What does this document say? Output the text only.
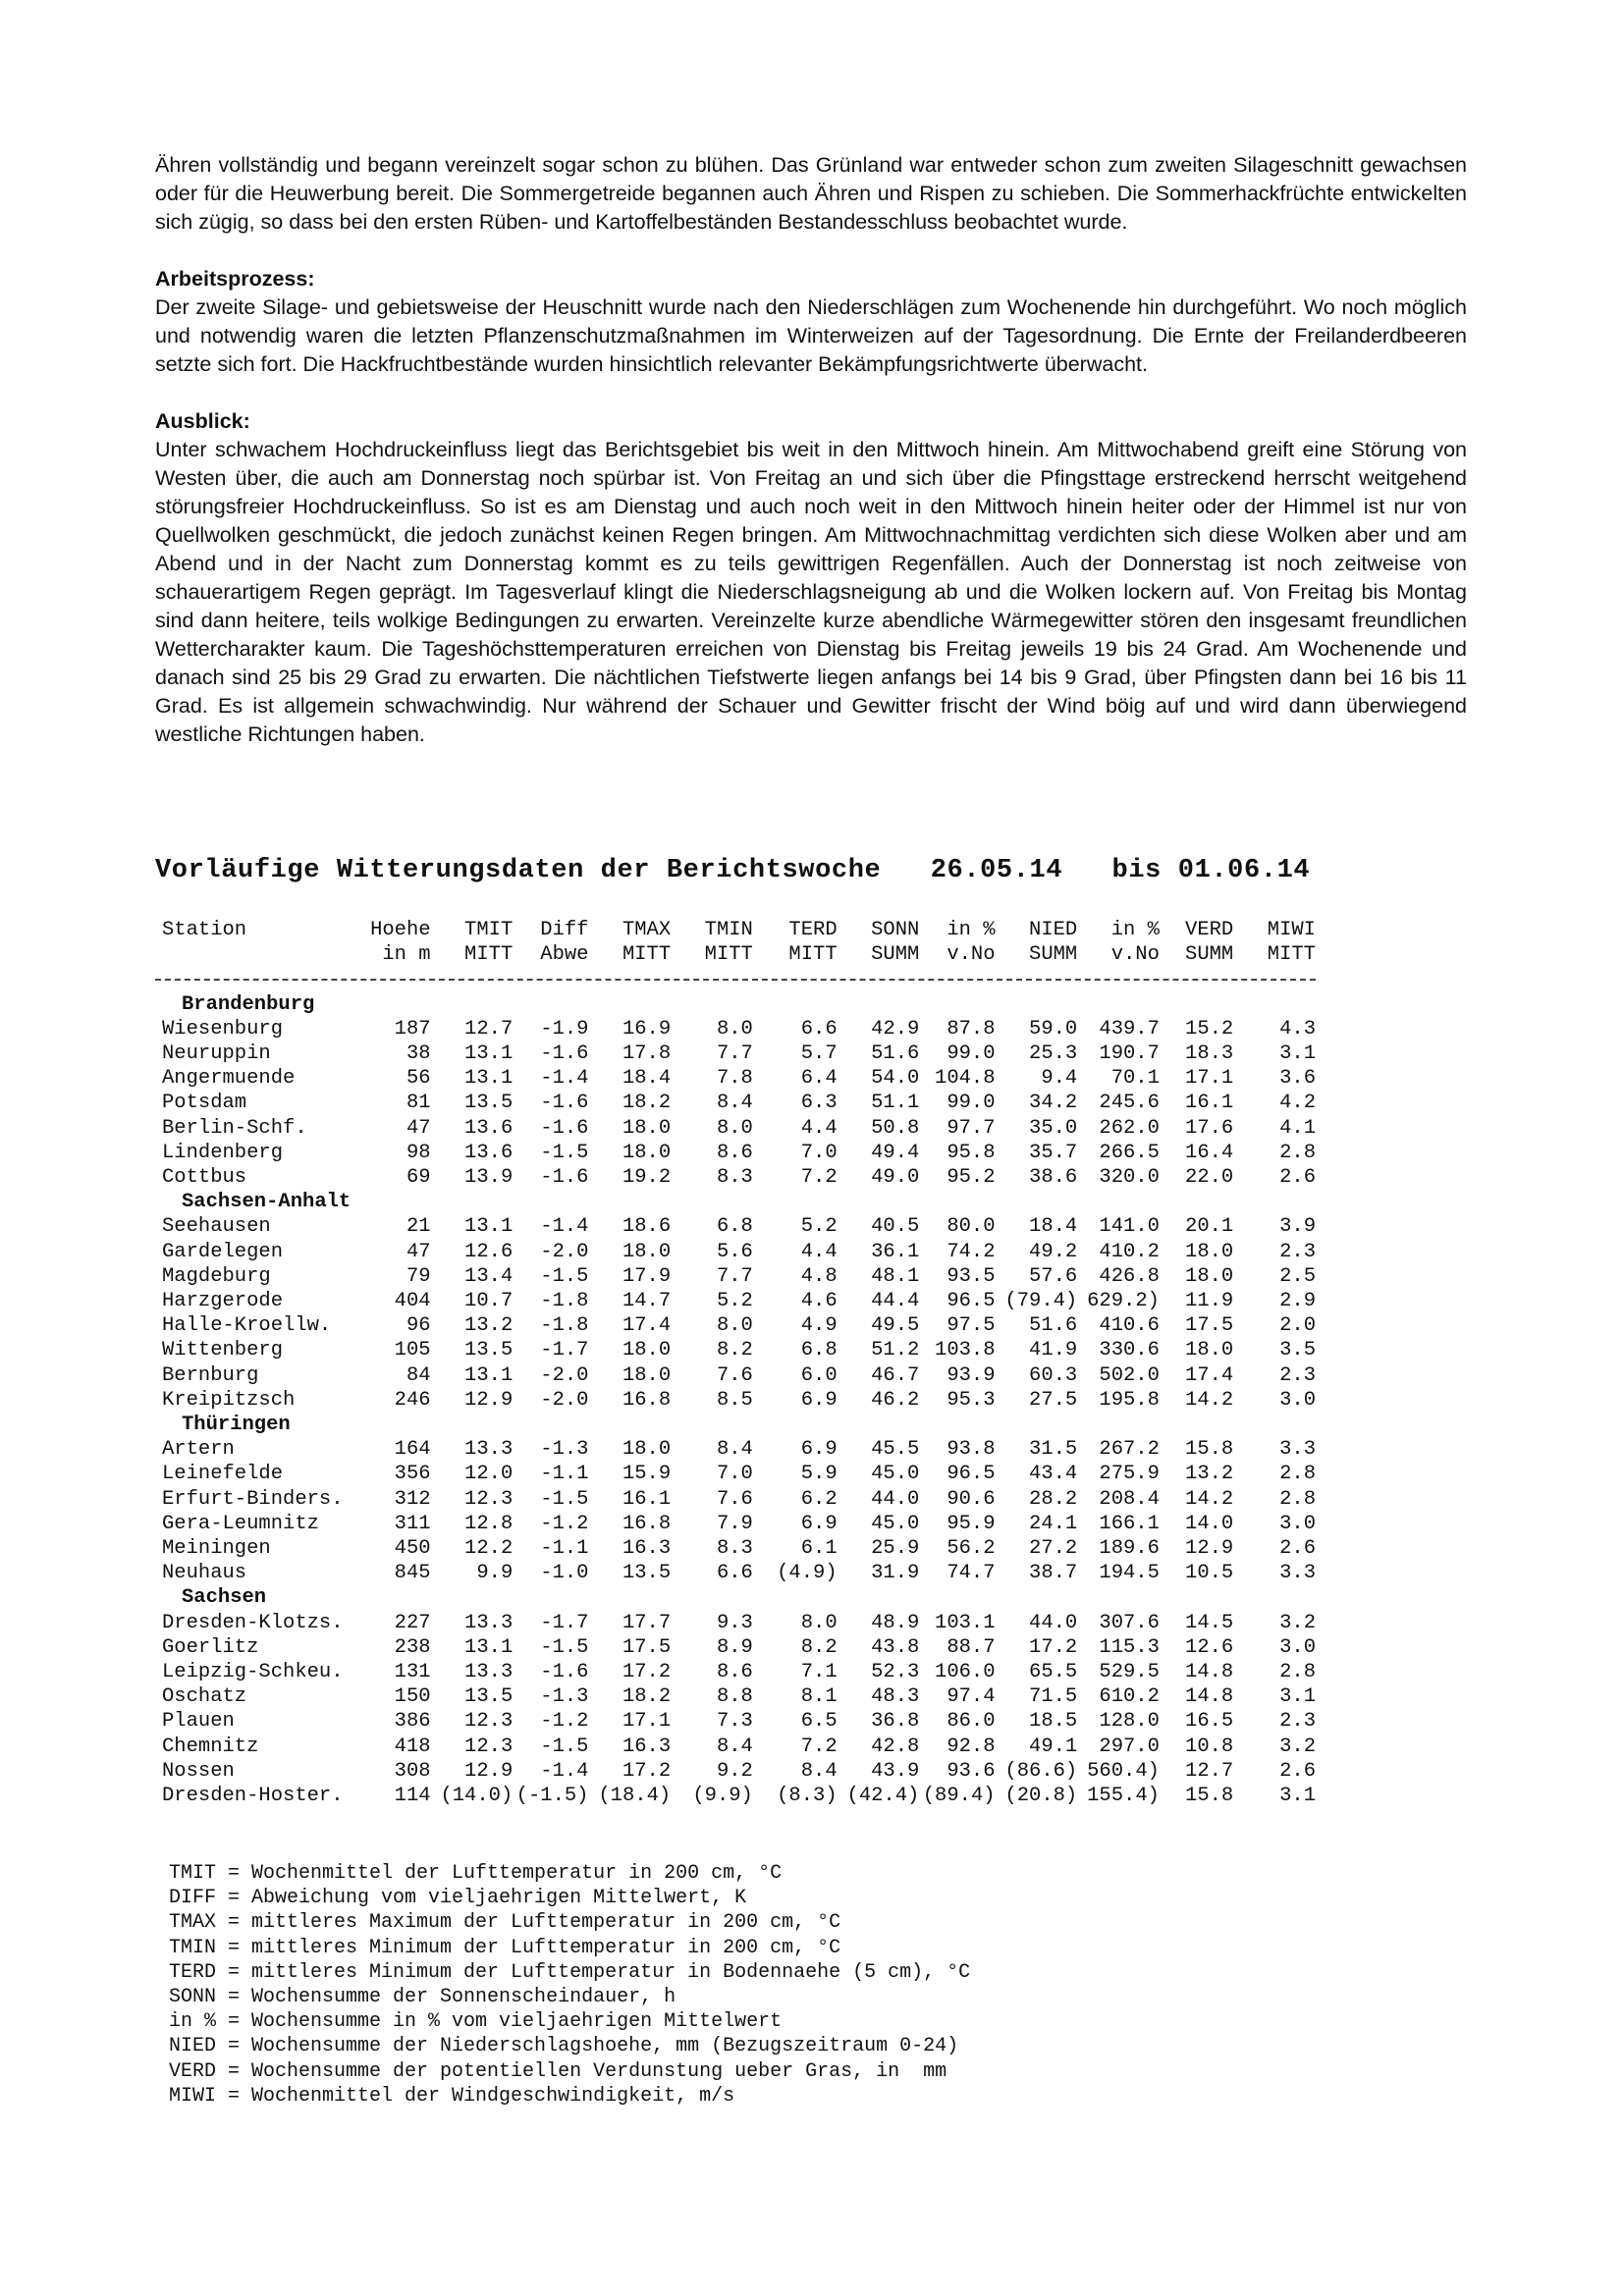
Ähren vollständig und begann vereinzelt sogar schon zu blühen. Das Grünland war entweder schon zum zweiten Silageschnitt gewachsen oder für die Heuwerbung bereit. Die Sommergetreide begannen auch Ähren und Rispen zu schieben. Die Sommerhackfrüchte entwickelten sich zügig, so dass bei den ersten Rüben- und Kartoffelbeständen Bestandesschluss beobachtet wurde.

Arbeitsprozess:

Der zweite Silage- und gebietsweise der Heuschnitt wurde nach den Niederschlägen zum Wochenende hin durchgeführt. Wo noch möglich und notwendig waren die letzten Pflanzenschutzmaßnahmen im Winterweizen auf der Tagesordnung. Die Ernte der Freilanderdbeeren setzte sich fort. Die Hackfruchtbestände wurden hinsichtlich relevanter Bekämpfungsrichtwerte überwacht.

Ausblick:

Unter schwachem Hochdruckeinfluss liegt das Berichtsgebiet bis weit in den Mittwoch hinein. Am Mittwochabend greift eine Störung von Westen über, die auch am Donnerstag noch spürbar ist. Von Freitag an und sich über die Pfingsttage erstreckend herrscht weitgehend störungsfreier Hochdruckeinfluss. So ist es am Dienstag und auch noch weit in den Mittwoch hinein heiter oder der Himmel ist nur von Quellwolken geschmückt, die jedoch zunächst keinen Regen bringen. Am Mittwochnachmittag verdichten sich diese Wolken aber und am Abend und in der Nacht zum Donnerstag kommt es zu teils gewittrigen Regenfällen. Auch der Donnerstag ist noch zeitweise von schauerartigem Regen geprägt. Im Tagesverlauf klingt die Niederschlagsneigung ab und die Wolken lockern auf. Von Freitag bis Montag sind dann heitere, teils wolkige Bedingungen zu erwarten. Vereinzelte kurze abendliche Wärmegewitter stören den insgesamt freundlichen Wettercharakter kaum. Die Tageshöchsttemperaturen erreichen von Dienstag bis Freitag jeweils 19 bis 24 Grad. Am Wochenende und danach sind 25 bis 29 Grad zu erwarten. Die nächtlichen Tiefstwerte liegen anfangs bei 14 bis 9 Grad, über Pfingsten dann bei 16 bis 11 Grad. Es ist allgemein schwachwindig. Nur während der Schauer und Gewitter frischt der Wind böig auf und wird dann überwiegend westliche Richtungen haben.

Vorläufige Witterungsdaten der Berichtswoche   26.05.14   bis 01.06.14
Station	Hoehe	TMIT	Diff	TMAX	TMIN	TERD	SONN	in %	NIED	in %	VERD	MIWI
	in m	MITT	Abwe	MITT	MITT	MITT	SUMM	v.No	SUMM	v.No	SUMM	MITT

Brandenburg												
Wiesenburg	187	12.7	-1.9	16.9	8.0	6.6	42.9	87.8	59.0	439.7	15.2	4.3
Neuruppin	38	13.1	-1.6	17.8	7.7	5.7	51.6	99.0	25.3	190.7	18.3	3.1
Angermuende	56	13.1	-1.4	18.4	7.8	6.4	54.0	104.8	9.4	70.1	17.1	3.6
Potsdam	81	13.5	-1.6	18.2	8.4	6.3	51.1	99.0	34.2	245.6	16.1	4.2
Berlin-Schf.	47	13.6	-1.6	18.0	8.0	4.4	50.8	97.7	35.0	262.0	17.6	4.1
Lindenberg	98	13.6	-1.5	18.0	8.6	7.0	49.4	95.8	35.7	266.5	16.4	2.8
Cottbus	69	13.9	-1.6	19.2	8.3	7.2	49.0	95.2	38.6	320.0	22.0	2.6
Sachsen-Anhalt												
Seehausen	21	13.1	-1.4	18.6	6.8	5.2	40.5	80.0	18.4	141.0	20.1	3.9
Gardelegen	47	12.6	-2.0	18.0	5.6	4.4	36.1	74.2	49.2	410.2	18.0	2.3
Magdeburg	79	13.4	-1.5	17.9	7.7	4.8	48.1	93.5	57.6	426.8	18.0	2.5
Harzgerode	404	10.7	-1.8	14.7	5.2	4.6	44.4	96.5	(79.4)	629.2)	11.9	2.9
Halle-Kroellw.	96	13.2	-1.8	17.4	8.0	4.9	49.5	97.5	51.6	410.6	17.5	2.0
Wittenberg	105	13.5	-1.7	18.0	8.2	6.8	51.2	103.8	41.9	330.6	18.0	3.5
Bernburg	84	13.1	-2.0	18.0	7.6	6.0	46.7	93.9	60.3	502.0	17.4	2.3
Kreipitzsch	246	12.9	-2.0	16.8	8.5	6.9	46.2	95.3	27.5	195.8	14.2	3.0
Thüringen												
Artern	164	13.3	-1.3	18.0	8.4	6.9	45.5	93.8	31.5	267.2	15.8	3.3
Leinefelde	356	12.0	-1.1	15.9	7.0	5.9	45.0	96.5	43.4	275.9	13.2	2.8
Erfurt-Binders.	312	12.3	-1.5	16.1	7.6	6.2	44.0	90.6	28.2	208.4	14.2	2.8
Gera-Leumnitz	311	12.8	-1.2	16.8	7.9	6.9	45.0	95.9	24.1	166.1	14.0	3.0
Meiningen	450	12.2	-1.1	16.3	8.3	6.1	25.9	56.2	27.2	189.6	12.9	2.6
Neuhaus	845	9.9	-1.0	13.5	6.6	(4.9)	31.9	74.7	38.7	194.5	10.5	3.3
Sachsen												
Dresden-Klotzs.	227	13.3	-1.7	17.7	9.3	8.0	48.9	103.1	44.0	307.6	14.5	3.2
Goerlitz	238	13.1	-1.5	17.5	8.9	8.2	43.8	88.7	17.2	115.3	12.6	3.0
Leipzig-Schkeu.	131	13.3	-1.6	17.2	8.6	7.1	52.3	106.0	65.5	529.5	14.8	2.8
Oschatz	150	13.5	-1.3	18.2	8.8	8.1	48.3	97.4	71.5	610.2	14.8	3.1
Plauen	386	12.3	-1.2	17.1	7.3	6.5	36.8	86.0	18.5	128.0	16.5	2.3
Chemnitz	418	12.3	-1.5	16.3	8.4	7.2	42.8	92.8	49.1	297.0	10.8	3.2
Nossen	308	12.9	-1.4	17.2	9.2	8.4	43.9	93.6	(86.6)	560.4)	12.7	2.6
Dresden-Hoster.	114	(14.0)	(-1.5)	(18.4)	(9.9)	(8.3)	(42.4)	(89.4)	(20.8)	155.4)	15.8	3.1
TMIT = Wochenmittel der Lufttemperatur in 200 cm, °C
DIFF = Abweichung vom vieljaehrigen Mittelwert, K
TMAX = mittleres Maximum der Lufttemperatur in 200 cm, °C
TMIN = mittleres Minimum der Lufttemperatur in 200 cm, °C
TERD = mittleres Minimum der Lufttemperatur in Bodennaehe (5 cm), °C
SONN = Wochensumme der Sonnenscheindauer, h
in % = Wochensumme in % vom vieljaehrigen Mittelwert
NIED = Wochensumme der Niederschlagshoehe, mm (Bezugszeitraum 0-24)
VERD = Wochensumme der potentiellen Verdunstung ueber Gras, in  mm
MIWI = Wochenmittel der Windgeschwindigkeit, m/s
